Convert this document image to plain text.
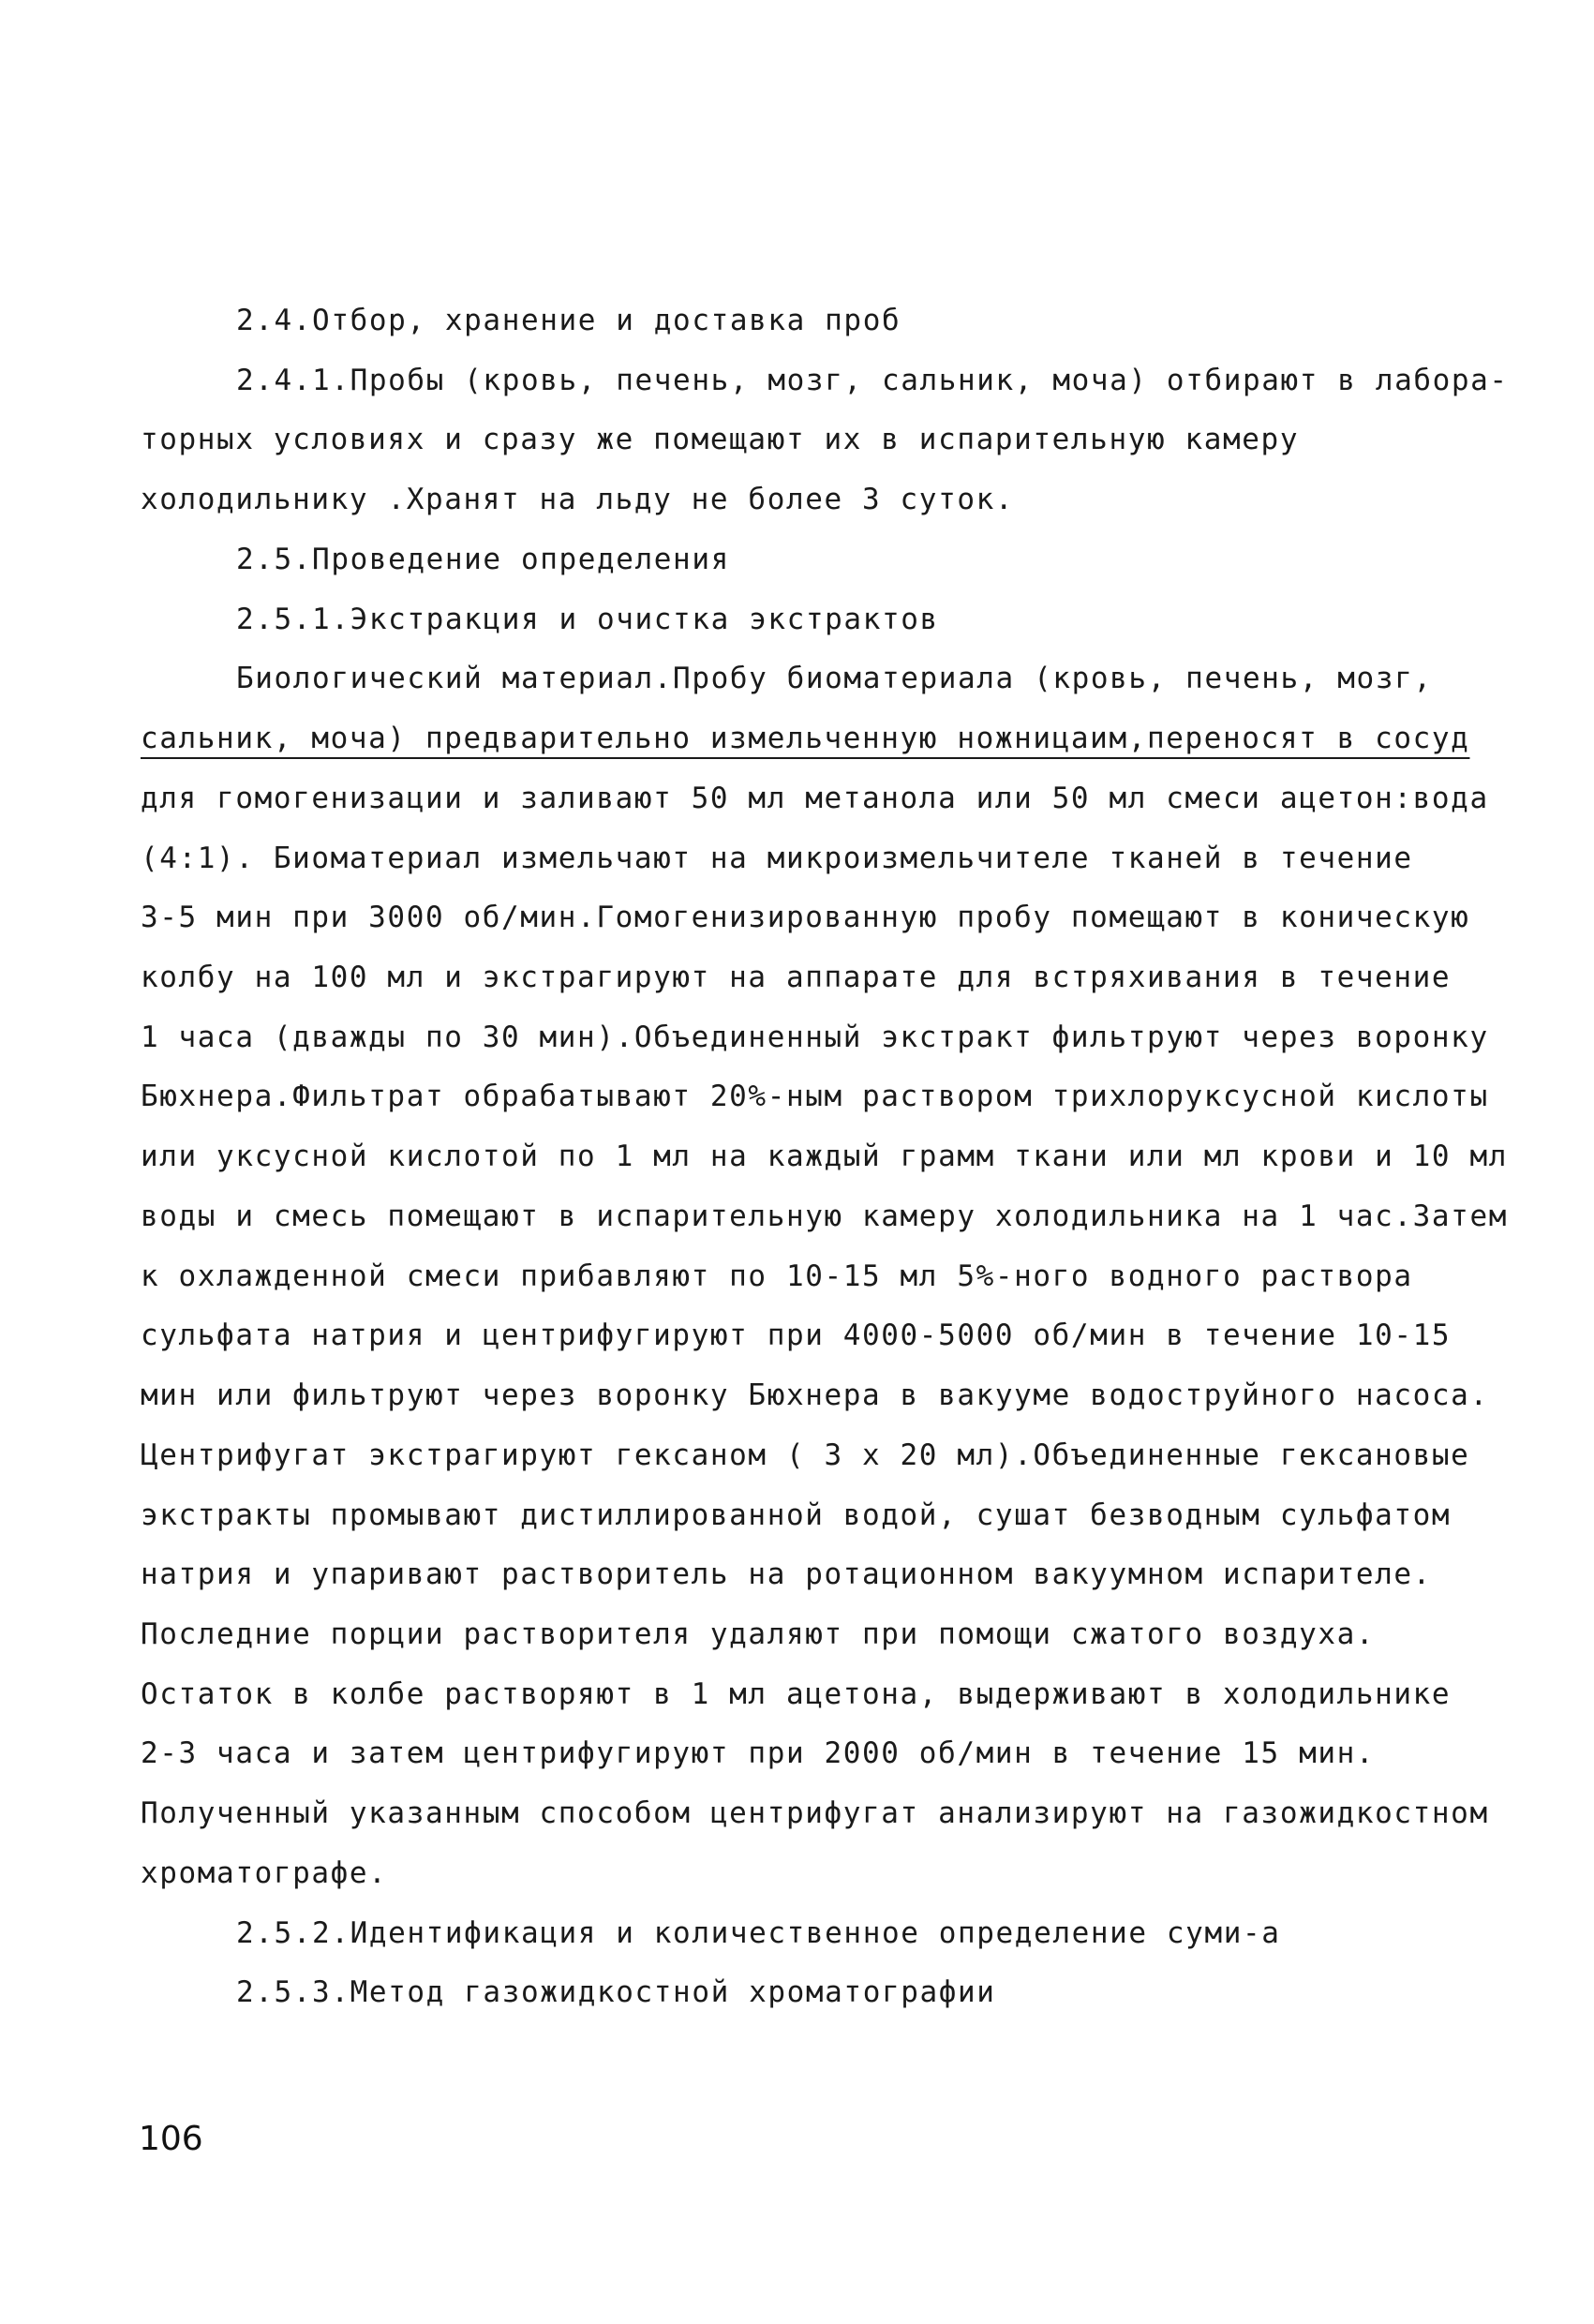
2.4.Отбор, хранение и доставка проб
2.4.1.Пробы (кровь, печень, мозг, сальник, моча) отбирают в лабора-
торных условиях и сразу же помещают их в испарительную камеру
холодильнику .Хранят на льду не более 3 суток.
2.5.Проведение определения
2.5.1.Экстракция и очистка экстрактов
Биологический материал.Пробу биоматериала (кровь, печень, мозг,
сальник, моча) предварительно измельченную ножницаим,переносят в сосуд
для гомогенизации и заливают 50 мл метанола или 50 мл смеси ацетон:вода
(4:1). Биоматериал измельчают на микроизмельчителе тканей в течение
3-5 мин при 3000 об/мин.Гомогенизированную пробу помещают в коническую
колбу на 100 мл и экстрагируют на аппарате для встряхивания в течение
1 часа (дважды по 30 мин).Объединенный экстракт фильтруют через воронку
Бюхнера.Фильтрат обрабатывают 20%-ным раствором трихлоруксусной кислоты
или уксусной кислотой по 1 мл на каждый грамм ткани или мл крови и 10 мл
воды и смесь помещают в испарительную камеру холодильника на 1 час.Затем
к охлажденной смеси прибавляют по 10-15 мл 5%-ного водного раствора
сульфата натрия и центрифугируют при 4000-5000 об/мин в течение 10-15
мин или фильтруют через воронку Бюхнера в вакууме водоструйного насоса.
Центрифугат экстрагируют гексаном ( 3 х 20 мл).Объединенные гексановые
экстракты промывают дистиллированной водой, сушат безводным сульфатом
натрия и упаривают растворитель на ротационном вакуумном испарителе.
Последние порции растворителя удаляют при помощи сжатого воздуха.
Остаток в колбе растворяют в 1 мл ацетона, выдерживают в холодильнике
2-3 часа и затем центрифугируют при 2000 об/мин в течение 15 мин.
Полученный указанным способом центрифугат анализируют на газожидкостном
хроматографе.
2.5.2.Идентификация и количественное определение суми-а
2.5.3.Метод газожидкостной хроматографии
106
